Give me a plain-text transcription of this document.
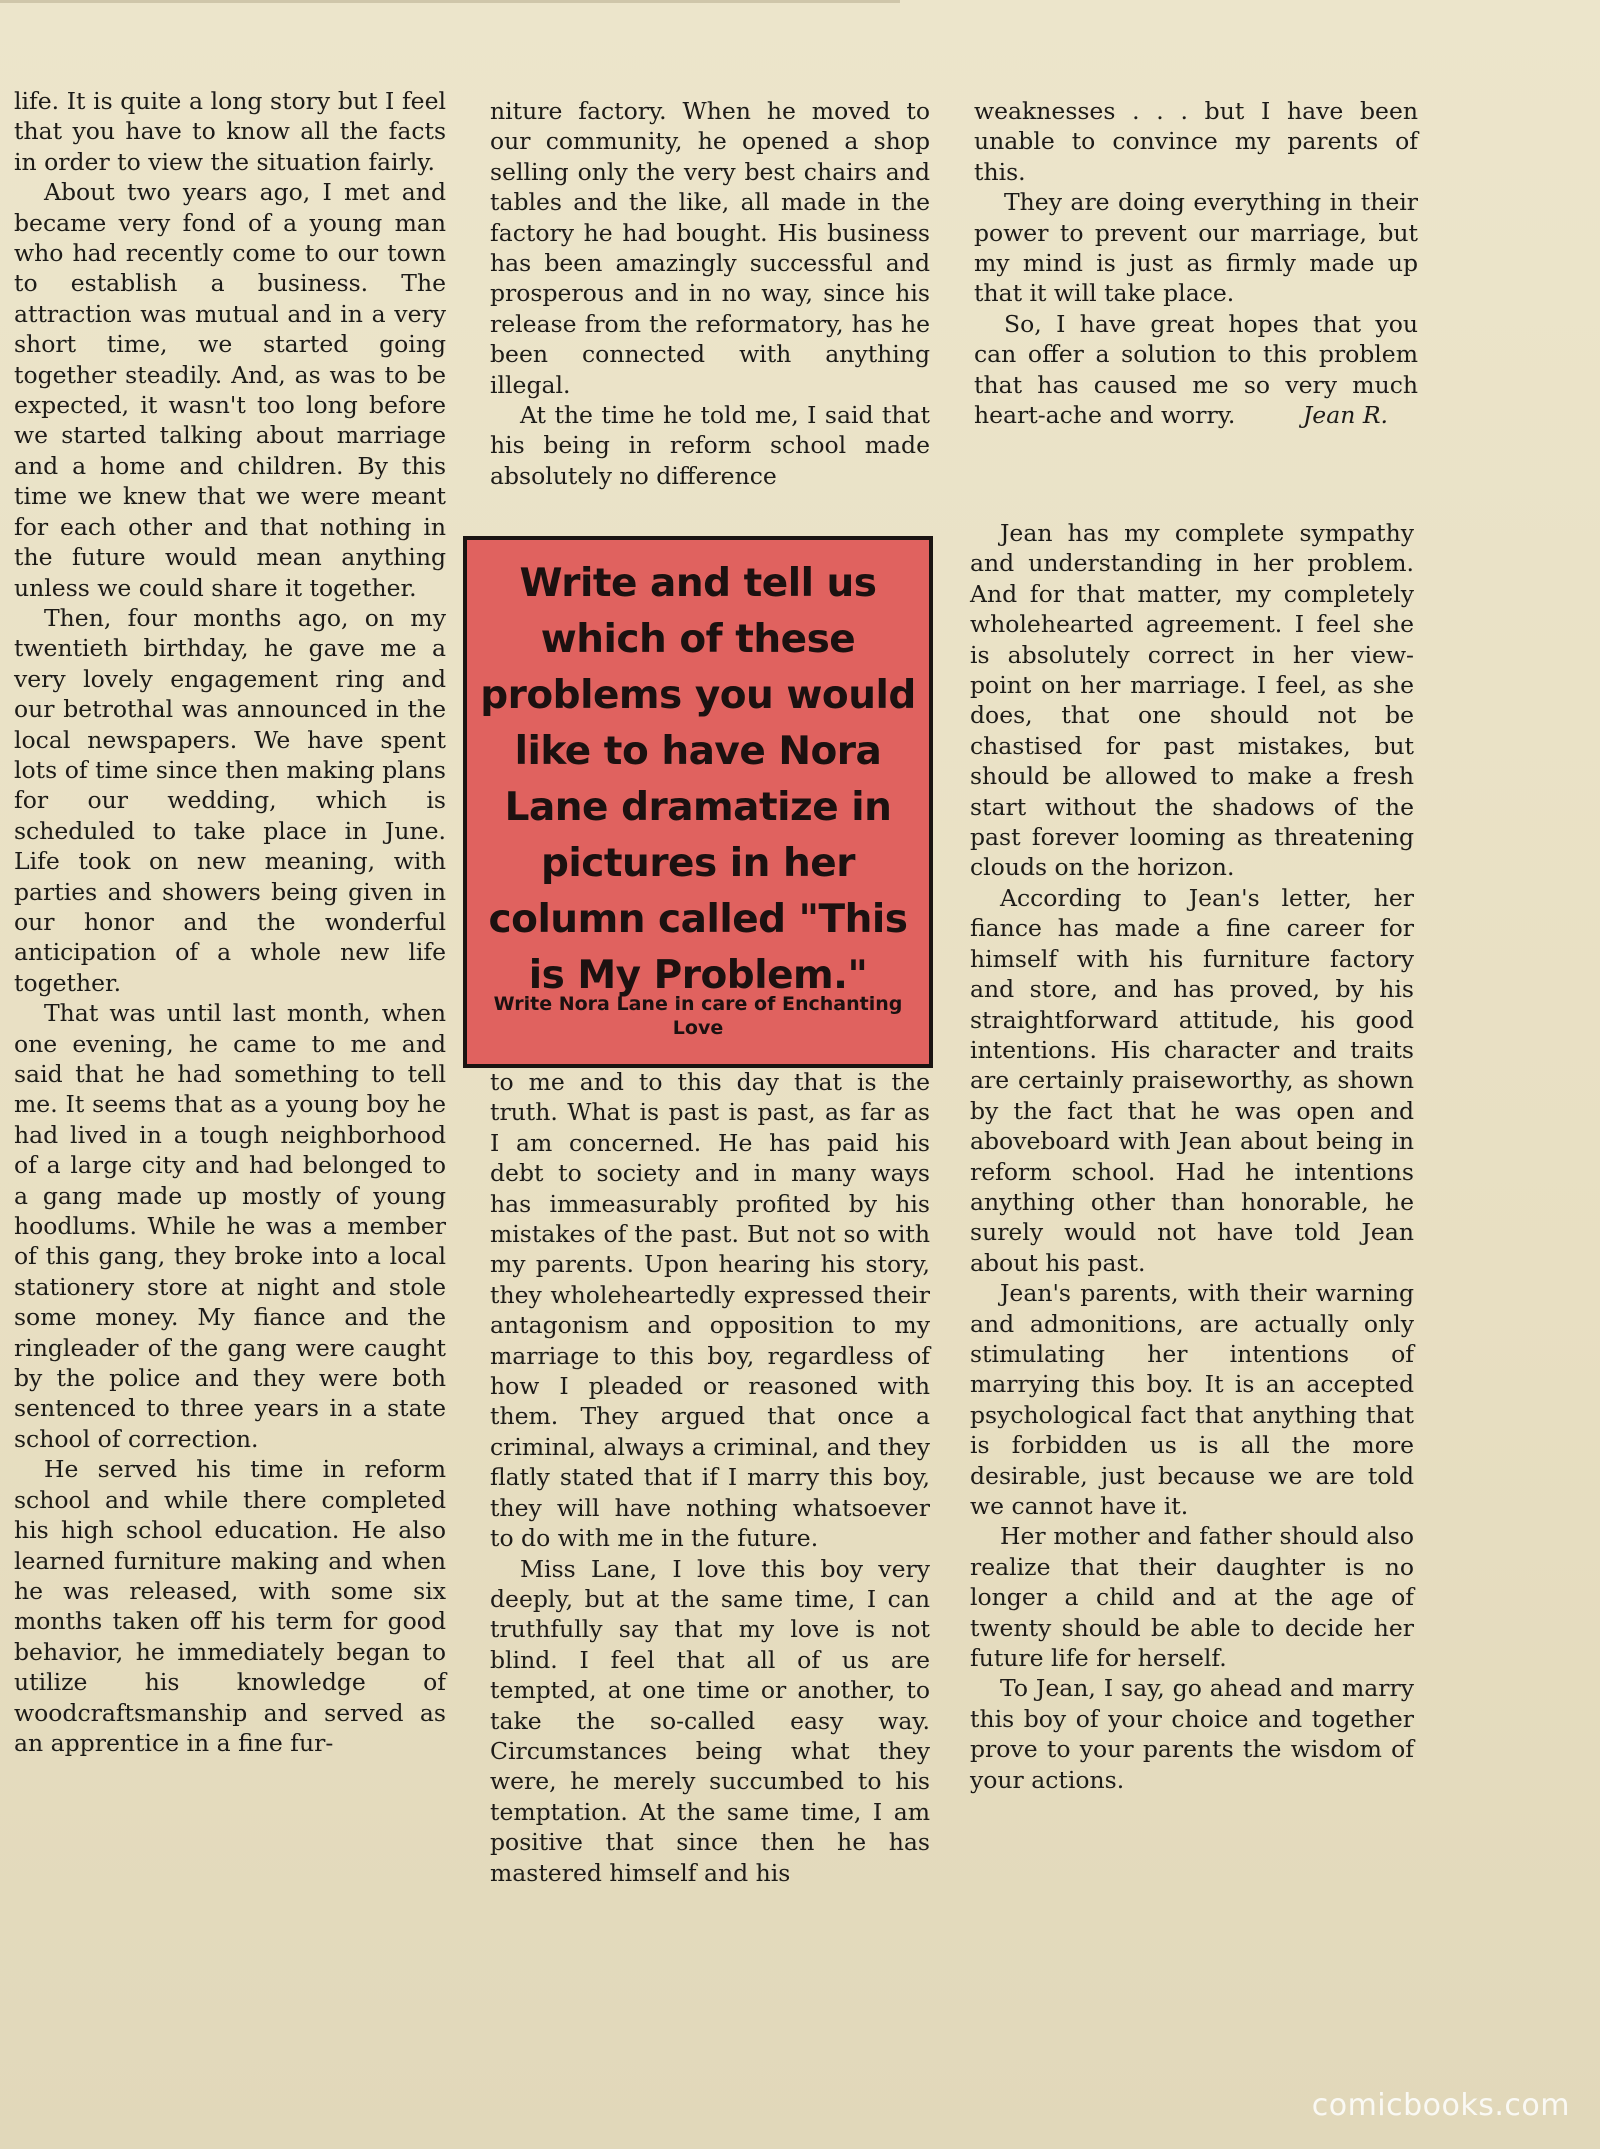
life. It is quite a long story but I feel that you have to know all the facts in order to view the situation fairly.

About two years ago, I met and became very fond of a young man who had recently come to our town to establish a business. The attraction was mutual and in a very short time, we started going together steadily. And, as was to be expected, it wasn't too long before we started talking about marriage and a home and children. By this time we knew that we were meant for each other and that nothing in the future would mean anything unless we could share it together.

Then, four months ago, on my twentieth birthday, he gave me a very lovely engagement ring and our betrothal was announced in the local newspapers. We have spent lots of time since then making plans for our wedding, which is scheduled to take place in June. Life took on new meaning, with parties and showers being given in our honor and the wonderful anticipation of a whole new life together.

That was until last month, when one evening, he came to me and said that he had something to tell me. It seems that as a young boy he had lived in a tough neighborhood of a large city and had belonged to a gang made up mostly of young hoodlums. While he was a member of this gang, they broke into a local stationery store at night and stole some money. My fiance and the ringleader of the gang were caught by the police and they were both sentenced to three years in a state school of correction.

He served his time in reform school and while there completed his high school education. He also learned furniture making and when he was released, with some six months taken off his term for good behavior, he immediately began to utilize his knowledge of woodcraftsmanship and served as an apprentice in a fine fur-

niture factory. When he moved to our community, he opened a shop selling only the very best chairs and tables and the like, all made in the factory he had bought. His business has been amazingly successful and prosperous and in no way, since his release from the reformatory, has he been connected with anything illegal.

At the time he told me, I said that his being in reform school made absolutely no difference

Write and tell us which of these problems you would like to have Nora Lane dramatize in pictures in her column called "This is My Problem."
Write Nora Lane in care of Enchanting Love

to me and to this day that is the truth. What is past is past, as far as I am concerned. He has paid his debt to society and in many ways has immeasurably profited by his mistakes of the past. But not so with my parents. Upon hearing his story, they wholeheartedly expressed their antagonism and opposition to my marriage to this boy, regardless of how I pleaded or reasoned with them. They argued that once a criminal, always a criminal, and they flatly stated that if I marry this boy, they will have nothing whatsoever to do with me in the future.

Miss Lane, I love this boy very deeply, but at the same time, I can truthfully say that my love is not blind. I feel that all of us are tempted, at one time or another, to take the so-called easy way. Circumstances being what they were, he merely succumbed to his temptation. At the same time, I am positive that since then he has mastered himself and his

weaknesses . . . but I have been unable to convince my parents of this.

They are doing everything in their power to prevent our marriage, but my mind is just as firmly made up that it will take place.

So, I have great hopes that you can offer a solution to this problem that has caused me so very much heart-ache and worry.	Jean R.

Jean has my complete sympathy and understanding in her problem. And for that matter, my completely wholehearted agreement. I feel she is absolutely correct in her view-point on her marriage. I feel, as she does, that one should not be chastised for past mistakes, but should be allowed to make a fresh start without the shadows of the past forever looming as threatening clouds on the horizon.

According to Jean's letter, her fiance has made a fine career for himself with his furniture factory and store, and has proved, by his straightforward attitude, his good intentions. His character and traits are certainly praiseworthy, as shown by the fact that he was open and aboveboard with Jean about being in reform school. Had he intentions anything other than honorable, he surely would not have told Jean about his past.

Jean's parents, with their warning and admonitions, are actually only stimulating her intentions of marrying this boy. It is an accepted psychological fact that anything that is forbidden us is all the more desirable, just because we are told we cannot have it.

Her mother and father should also realize that their daughter is no longer a child and at the age of twenty should be able to decide her future life for herself.

To Jean, I say, go ahead and marry this boy of your choice and together prove to your parents the wisdom of your actions.

comicbooks.com
